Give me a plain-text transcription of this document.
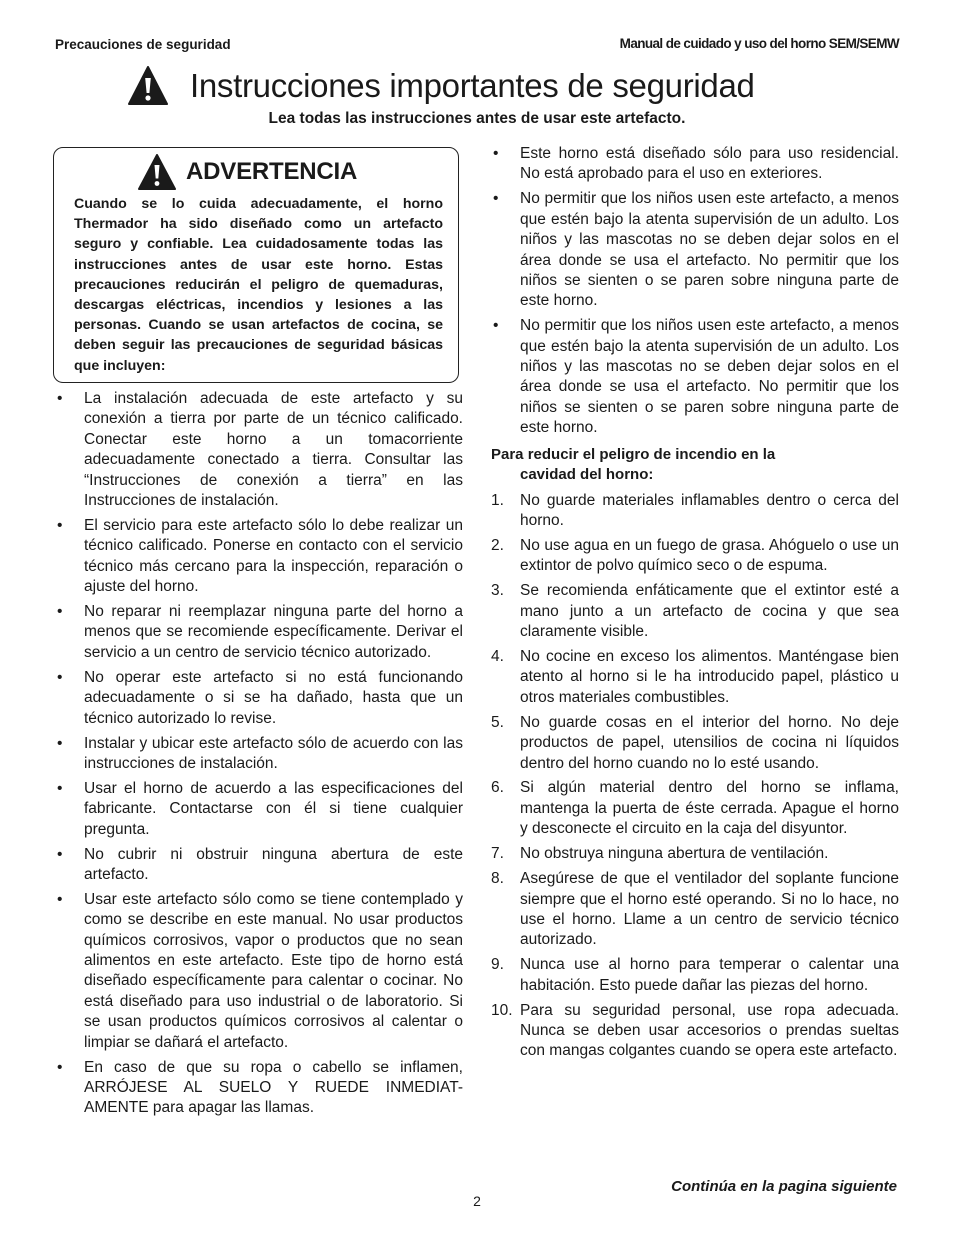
Precauciones de seguridad	Manual de cuidado y uso del horno SEM/SEMW
Instrucciones importantes de seguridad
Lea todas las instrucciones antes de usar este artefacto.
ADVERTENCIA
Cuando se lo cuida adecuadamente, el horno Thermador ha sido diseñado como un artefacto seguro y confiable. Lea cuidadosamente todas las instrucciones antes de usar este horno. Estas precauciones reducirán el peligro de quemaduras, descargas eléctricas, incendios y lesiones a las personas. Cuando se usan artefactos de cocina, se deben seguir las precauciones de seguridad básicas que incluyen:
• La instalación adecuada de este artefacto y su conexión a tierra por parte de un técnico calificado. Conectar este horno a un tomacorriente adecuadamente conectado a tierra. Consultar las “Instrucciones de conexión a tierra” en las Instrucciones de instalación.
• El servicio para este artefacto sólo lo debe realizar un técnico calificado. Ponerse en contacto con el servicio técnico más cercano para la inspección, reparación o ajuste del horno.
• No reparar ni reemplazar ninguna parte del horno a menos que se recomiende específicamente. Derivar el servicio a un centro de servicio técnico autorizado.
• No operar este artefacto si no está funcionando adecuadamente o si se ha dañado, hasta que un técnico autorizado lo revise.
• Instalar y ubicar este artefacto sólo de acuerdo con las instrucciones de instalación.
• Usar el horno de acuerdo a las especificaciones del fabricante. Contactarse con él si tiene cualquier pregunta.
• No cubrir ni obstruir ninguna abertura de este artefacto.
• Usar este artefacto sólo como se tiene contemplado y como se describe en este manual. No usar productos químicos corrosivos, vapor o productos que no sean alimentos en este artefacto. Este tipo de horno está diseñado específicamente para calentar o cocinar. No está diseñado para uso industrial o de laboratorio. Si se usan productos químicos corrosivos al calentar o limpiar se dañará el artefacto.
• En caso de que su ropa o cabello se inflamen, ARRÓJESE AL SUELO Y RUEDE INMEDIAT-AMENTE para apagar las llamas.
• Este horno está diseñado sólo para uso residencial. No está aprobado para el uso en exteriores.
• No permitir que los niños usen este artefacto, a menos que estén bajo la atenta supervisión de un adulto. Los niños y las mascotas no se deben dejar solos en el área donde se usa el artefacto. No permitir que los niños se sienten o se paren sobre ninguna parte de este horno.
• No permitir que los niños usen este artefacto, a menos que estén bajo la atenta supervisión de un adulto. Los niños y las mascotas no se deben dejar solos en el área donde se usa el artefacto. No permitir que los niños se sienten o se paren sobre ninguna parte de este horno.
Para reducir el peligro de incendio en la
cavidad del horno:
1.	No guarde materiales inflamables dentro o cerca del horno.
2.	No use agua en un fuego de grasa. Ahóguelo o use un extintor de polvo químico seco o de espuma.
3.	Se recomienda enfáticamente que el extintor esté a mano junto a un artefacto de cocina y que sea claramente visible.
4.	No cocine en exceso los alimentos. Manténgase bien atento al horno si le ha introducido papel, plástico u otros materiales combustibles.
5.	No guarde cosas en el interior del horno. No deje productos de papel, utensilios de cocina ni líquidos dentro del horno cuando no lo esté usando.
6.	Si algún material dentro del horno se inflama, mantenga la puerta de éste cerrada. Apague el horno y desconecte el circuito en la caja del disyuntor.
7.	No obstruya ninguna abertura de ventilación.
8.	Asegúrese de que el ventilador del soplante funcione siempre que el horno esté operando. Si no lo hace, no use el horno. Llame a un centro de servicio técnico autorizado.
9.	Nunca use al horno para temperar o calentar una habitación. Esto puede dañar las piezas del horno.
10. Para su seguridad personal, use ropa adecuada. Nunca se deben usar accesorios o prendas sueltas con mangas colgantes cuando se opera este artefacto.
Continúa en la pagina siguiente
2
